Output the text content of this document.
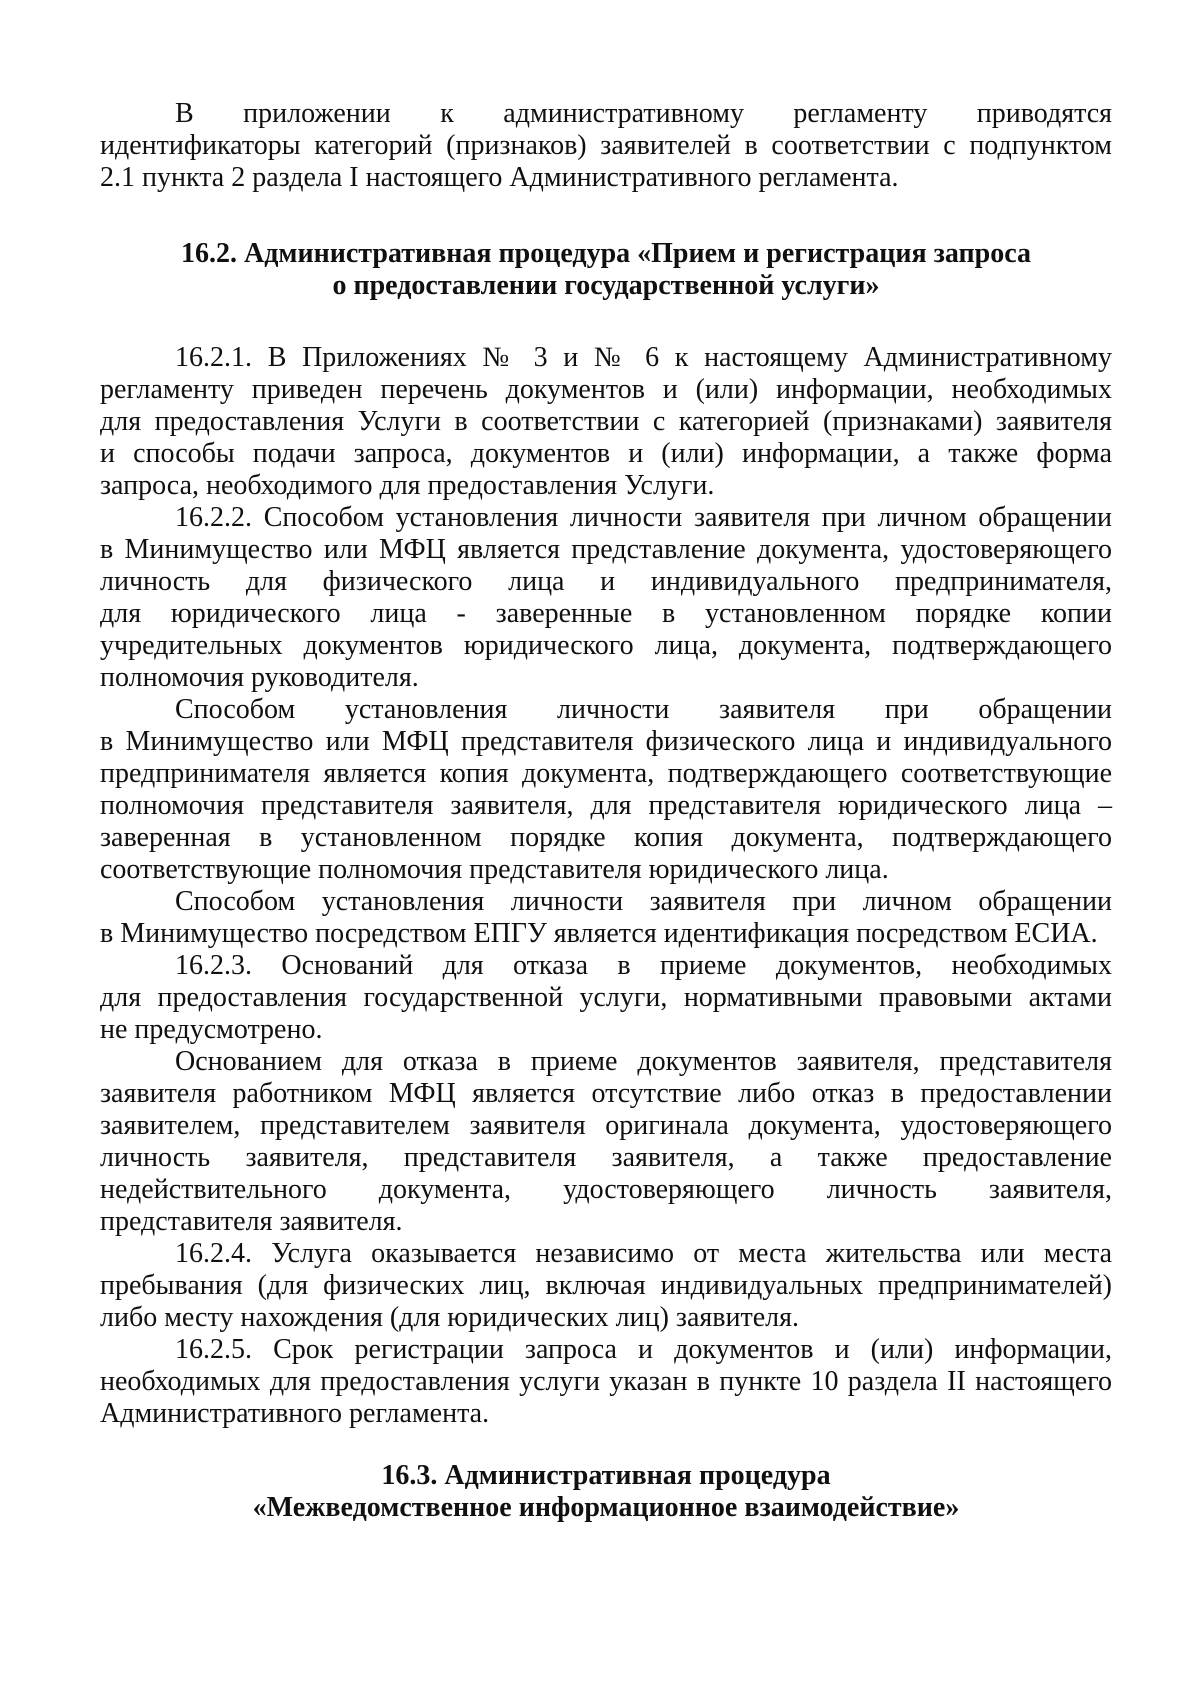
В приложении к административному регламенту приводятся
идентификаторы категорий (признаков) заявителей в соответствии с подпунктом
2.1 пункта 2 раздела I настоящего Административного регламента.
16.2. Административная процедура «Прием и регистрация запроса
о предоставлении государственной услуги»
16.2.1. В Приложениях № 3 и № 6 к настоящему Административному
регламенту приведен перечень документов и (или) информации, необходимых
для предоставления Услуги в соответствии с категорией (признаками) заявителя
и способы подачи запроса, документов и (или) информации, а также форма
запроса, необходимого для предоставления Услуги.
16.2.2. Способом установления личности заявителя при личном обращении
в Минимущество или МФЦ является представление документа, удостоверяющего
личность для физического лица и индивидуального предпринимателя,
для юридического лица - заверенные в установленном порядке копии
учредительных документов юридического лица, документа, подтверждающего
полномочия руководителя.
Способом установления личности заявителя при обращении
в Минимущество или МФЦ представителя физического лица и индивидуального
предпринимателя является копия документа, подтверждающего соответствующие
полномочия представителя заявителя, для представителя юридического лица –
заверенная в установленном порядке копия документа, подтверждающего
соответствующие полномочия представителя юридического лица.
Способом установления личности заявителя при личном обращении
в Минимущество посредством ЕПГУ является идентификация посредством ЕСИА.
16.2.3. Оснований для отказа в приеме документов, необходимых
для предоставления государственной услуги, нормативными правовыми актами
не предусмотрено.
Основанием для отказа в приеме документов заявителя, представителя
заявителя работником МФЦ является отсутствие либо отказ в предоставлении
заявителем, представителем заявителя оригинала документа, удостоверяющего
личность заявителя, представителя заявителя, а также предоставление
недействительного документа, удостоверяющего личность заявителя,
представителя заявителя.
16.2.4. Услуга оказывается независимо от места жительства или места
пребывания (для физических лиц, включая индивидуальных предпринимателей)
либо месту нахождения (для юридических лиц) заявителя.
16.2.5. Срок регистрации запроса и документов и (или) информации,
необходимых для предоставления услуги указан в пункте 10 раздела II настоящего
Административного регламента.
16.3. Административная процедура
«Межведомственное информационное взаимодействие»
